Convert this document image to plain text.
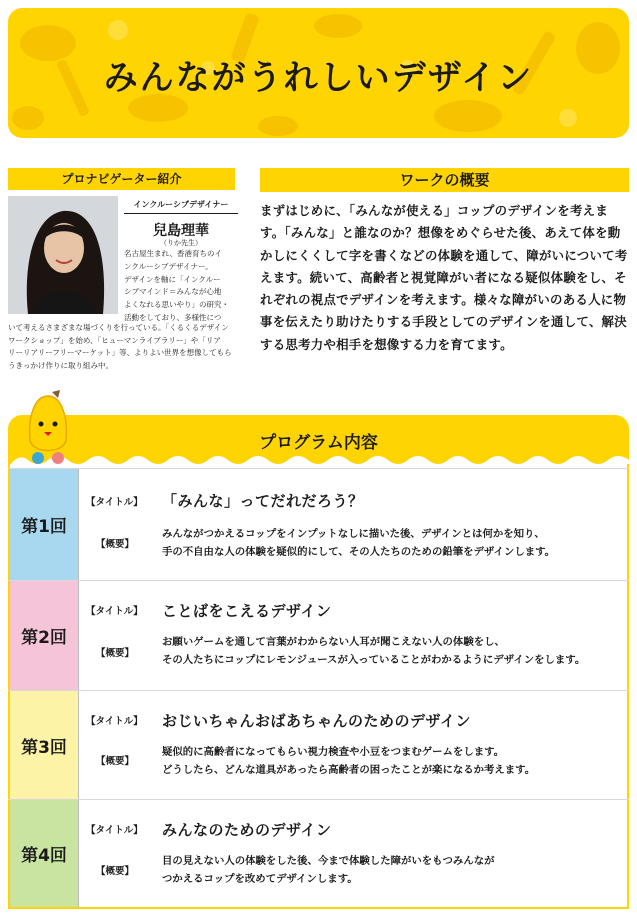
みんながうれしいデザイン
プロナビゲーター紹介
インクルーシブデザイナー
兒島理華
（りか先生）
名古屋生まれ、香港育ちのイ
ンクルーシブデザイナー。
デザインを軸に「インクルー
シブマインド＝みんなが心地
よくなれる思いやり」の研究・
活動をしており、多様性につ
いて考えるさまざまな場づくりを行っている。「くるくるデザイン
ワークショップ」を始め、「ヒューマンライブラリー」や「リア
リーリアリーフリーマーケット」等、よりよい世界を想像してもら
うきっかけ作りに取り組み中。
ワークの概要
まずはじめに、「みんなが使える」コップのデザインを考えます。「みんな」と誰なのか？想像をめぐらせた後、あえて体を動かしにくくして字を書くなどの体験を通して、障がいについて考えます。続いて、高齢者と視覚障がい者になる疑似体験をし、それぞれの視点でデザインを考えます。様々な障がいのある人に物事を伝えたり助けたりする手段としてのデザインを通して、解決する思考力や相手を想像する力を育てます。
プログラム内容
第1回
【タイトル】 「みんな」ってだれだろう？
【概要】
みんながつかえるコップをインプットなしに描いた後、デザインとは何かを知り、
手の不自由な人の体験を疑似的にして、その人たちのための鉛筆をデザインします。
第2回
【タイトル】 ことばをこえるデザイン
【概要】
お願いゲームを通して言葉がわからない人耳が聞こえない人の体験をし、
その人たちにコップにレモンジュースが入っていることがわかるようにデザインをします。
第3回
【タイトル】 おじいちゃんおばあちゃんのためのデザイン
【概要】
疑似的に高齢者になってもらい視力検査や小豆をつまむゲームをします。
どうしたら、どんな道具があったら高齢者の困ったことが楽になるか考えます。
第4回
【タイトル】 みんなのためのデザイン
【概要】
目の見えない人の体験をした後、今まで体験した障がいをもつみんなが
つかえるコップを改めてデザインします。
